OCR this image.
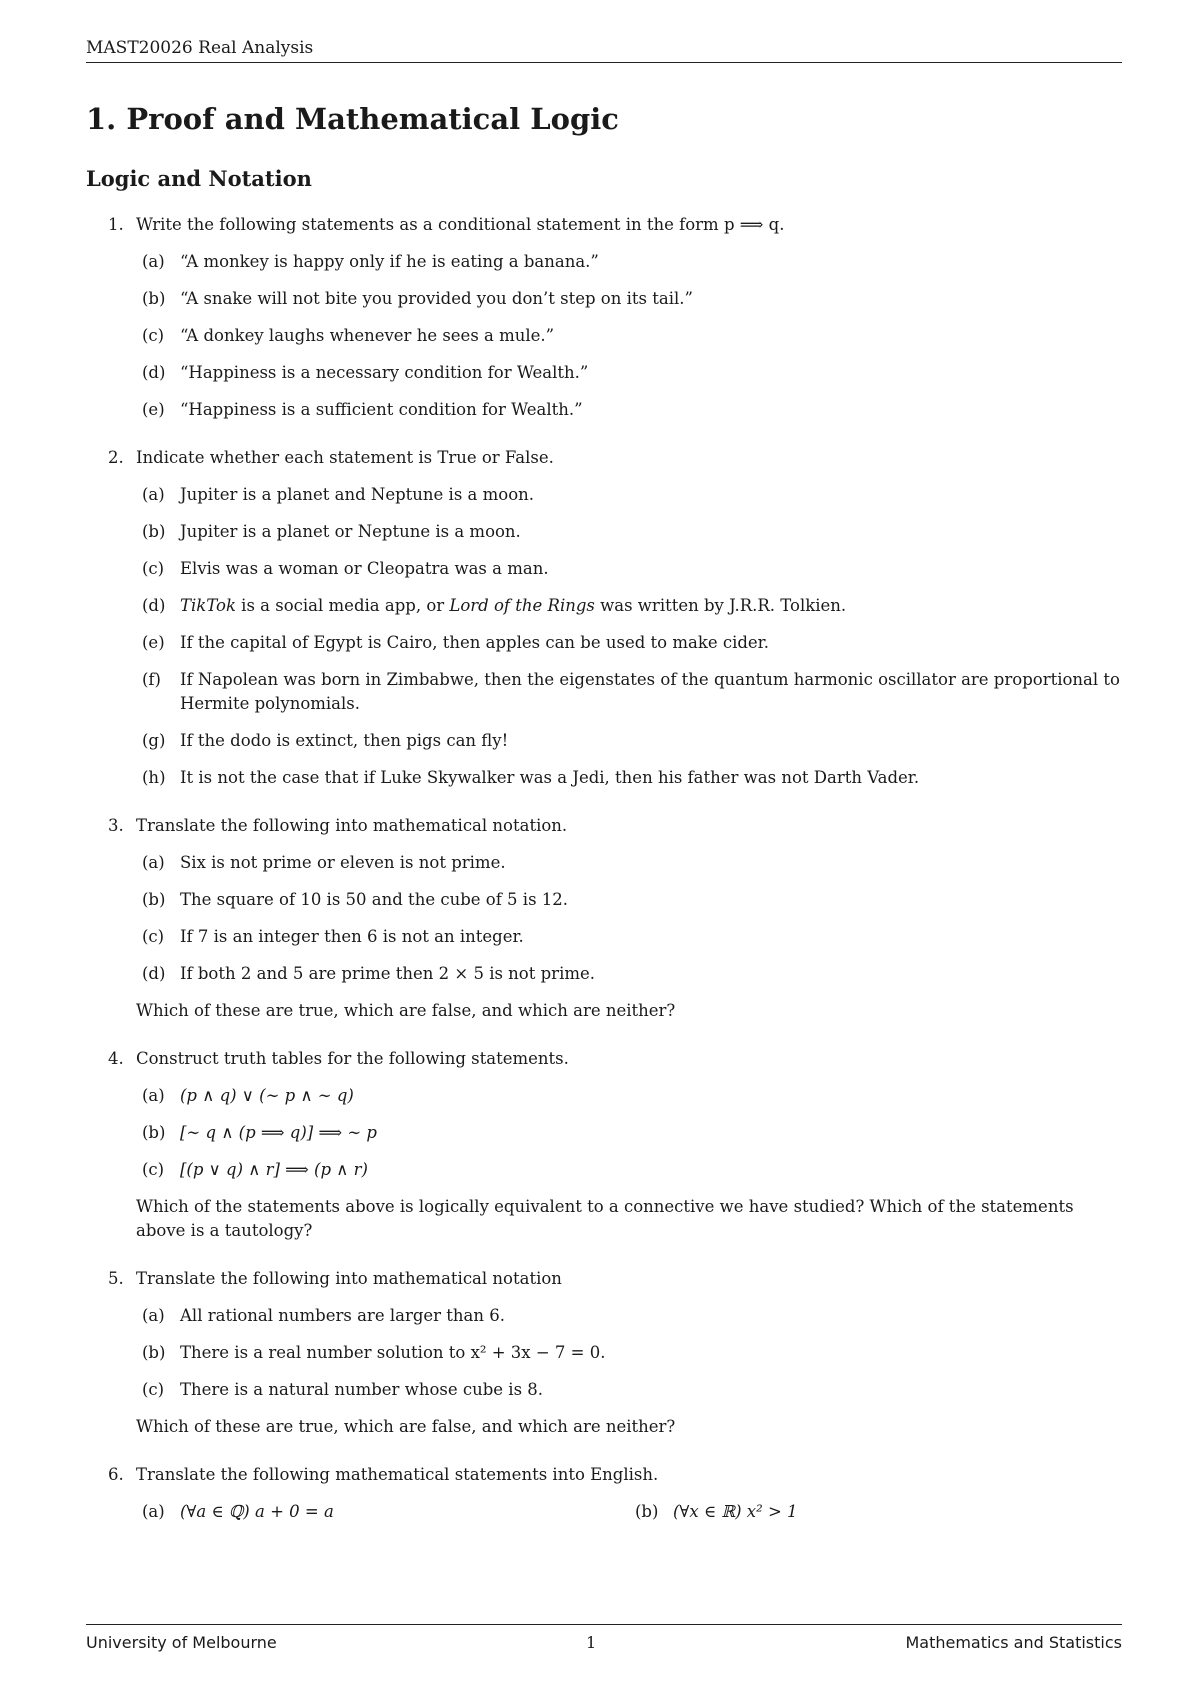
MAST20026 Real Analysis
1. Proof and Mathematical Logic
Logic and Notation
1. Write the following statements as a conditional statement in the form p ⟹ q.
(a) “A monkey is happy only if he is eating a banana.”
(b) “A snake will not bite you provided you don’t step on its tail.”
(c) “A donkey laughs whenever he sees a mule.”
(d) “Happiness is a necessary condition for Wealth.”
(e) “Happiness is a sufficient condition for Wealth.”
2. Indicate whether each statement is True or False.
(a) Jupiter is a planet and Neptune is a moon.
(b) Jupiter is a planet or Neptune is a moon.
(c) Elvis was a woman or Cleopatra was a man.
(d) TikTok is a social media app, or Lord of the Rings was written by J.R.R. Tolkien.
(e) If the capital of Egypt is Cairo, then apples can be used to make cider.
(f) If Napolean was born in Zimbabwe, then the eigenstates of the quantum harmonic oscillator are proportional to Hermite polynomials.
(g) If the dodo is extinct, then pigs can fly!
(h) It is not the case that if Luke Skywalker was a Jedi, then his father was not Darth Vader.
3. Translate the following into mathematical notation.
(a) Six is not prime or eleven is not prime.
(b) The square of 10 is 50 and the cube of 5 is 12.
(c) If 7 is an integer then 6 is not an integer.
(d) If both 2 and 5 are prime then 2 × 5 is not prime.
Which of these are true, which are false, and which are neither?
4. Construct truth tables for the following statements.
(a) (p ∧ q) ∨ (∼ p ∧ ∼ q)
(b) [∼ q ∧ (p ⟹ q)] ⟹ ∼ p
(c) [(p ∨ q) ∧ r] ⟹ (p ∧ r)
Which of the statements above is logically equivalent to a connective we have studied? Which of the statements above is a tautology?
5. Translate the following into mathematical notation
(a) All rational numbers are larger than 6.
(b) There is a real number solution to x² + 3x − 7 = 0.
(c) There is a natural number whose cube is 8.
Which of these are true, which are false, and which are neither?
6. Translate the following mathematical statements into English.
(a) (∀a ∈ ℚ) a + 0 = a	(b) (∀x ∈ ℝ) x² > 1
University of Melbourne	1	Mathematics and Statistics
